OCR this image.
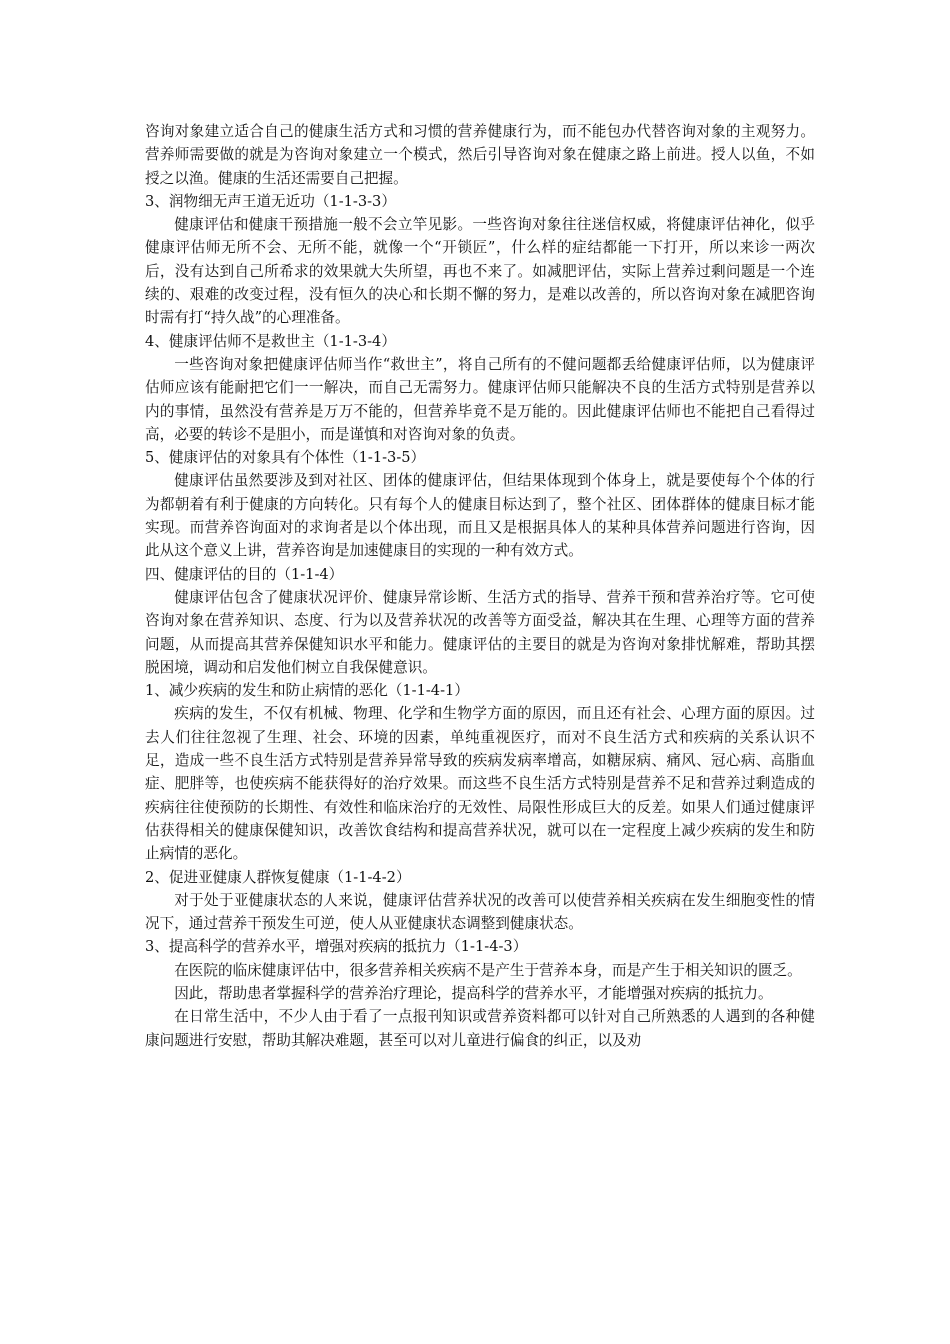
咨询对象建立适合自己的健康生活方式和习惯的营养健康行为，而不能包办代替咨询对象的主观努力。营养师需要做的就是为咨询对象建立一个模式，然后引导咨询对象在健康之路上前进。授人以鱼，不如授之以渔。健康的生活还需要自己把握。

3、润物细无声王道无近功（1-1-3-3）

健康评估和健康干预措施一般不会立竿见影。一些咨询对象往往迷信权威，将健康评估神化，似乎健康评估师无所不会、无所不能，就像一个“开锁匠”，什么样的症结都能一下打开，所以来诊一两次后，没有达到自己所希求的效果就大失所望，再也不来了。如减肥评估，实际上营养过剩问题是一个连续的、艰难的改变过程，没有恒久的决心和长期不懈的努力，是难以改善的，所以咨询对象在减肥咨询时需有打“持久战”的心理准备。

4、健康评估师不是救世主（1-1-3-4）

一些咨询对象把健康评估师当作“救世主”，将自己所有的不健问题都丢给健康评估师，以为健康评估师应该有能耐把它们一一解决，而自己无需努力。健康评估师只能解决不良的生活方式特别是营养以内的事情，虽然没有营养是万万不能的，但营养毕竟不是万能的。因此健康评估师也不能把自己看得过高，必要的转诊不是胆小，而是谨慎和对咨询对象的负责。

5、健康评估的对象具有个体性（1-1-3-5）

健康评估虽然要涉及到对社区、团体的健康评估，但结果体现到个体身上，就是要使每个个体的行为都朝着有利于健康的方向转化。只有每个人的健康目标达到了，整个社区、团体群体的健康目标才能实现。而营养咨询面对的求询者是以个体出现，而且又是根据具体人的某种具体营养问题进行咨询，因此从这个意义上讲，营养咨询是加速健康目的实现的一种有效方式。

四、健康评估的目的（1-1-4）

健康评估包含了健康状况评价、健康异常诊断、生活方式的指导、营养干预和营养治疗等。它可使咨询对象在营养知识、态度、行为以及营养状况的改善等方面受益，解决其在生理、心理等方面的营养问题，从而提高其营养保健知识水平和能力。健康评估的主要目的就是为咨询对象排忧解难，帮助其摆脱困境，调动和启发他们树立自我保健意识。

1、减少疾病的发生和防止病情的恶化（1-1-4-1）

疾病的发生，不仅有机械、物理、化学和生物学方面的原因，而且还有社会、心理方面的原因。过去人们往往忽视了生理、社会、环境的因素，单纯重视医疗，而对不良生活方式和疾病的关系认识不足，造成一些不良生活方式特别是营养异常导致的疾病发病率增高，如糖尿病、痛风、冠心病、高脂血症、肥胖等，也使疾病不能获得好的治疗效果。而这些不良生活方式特别是营养不足和营养过剩造成的疾病往往使预防的长期性、有效性和临床治疗的无效性、局限性形成巨大的反差。如果人们通过健康评估获得相关的健康保健知识，改善饮食结构和提高营养状况，就可以在一定程度上减少疾病的发生和防止病情的恶化。

2、促进亚健康人群恢复健康（1-1-4-2）

对于处于亚健康状态的人来说，健康评估营养状况的改善可以使营养相关疾病在发生细胞变性的情况下，通过营养干预发生可逆，使人从亚健康状态调整到健康状态。

3、提高科学的营养水平，增强对疾病的抵抗力（1-1-4-3）

在医院的临床健康评估中，很多营养相关疾病不是产生于营养本身，而是产生于相关知识的匮乏。

因此，帮助患者掌握科学的营养治疗理论，提高科学的营养水平，才能增强对疾病的抵抗力。

在日常生活中，不少人由于看了一点报刊知识或营养资料都可以针对自己所熟悉的人遇到的各种健康问题进行安慰，帮助其解决难题，甚至可以对儿童进行偏食的纠正，以及劝
